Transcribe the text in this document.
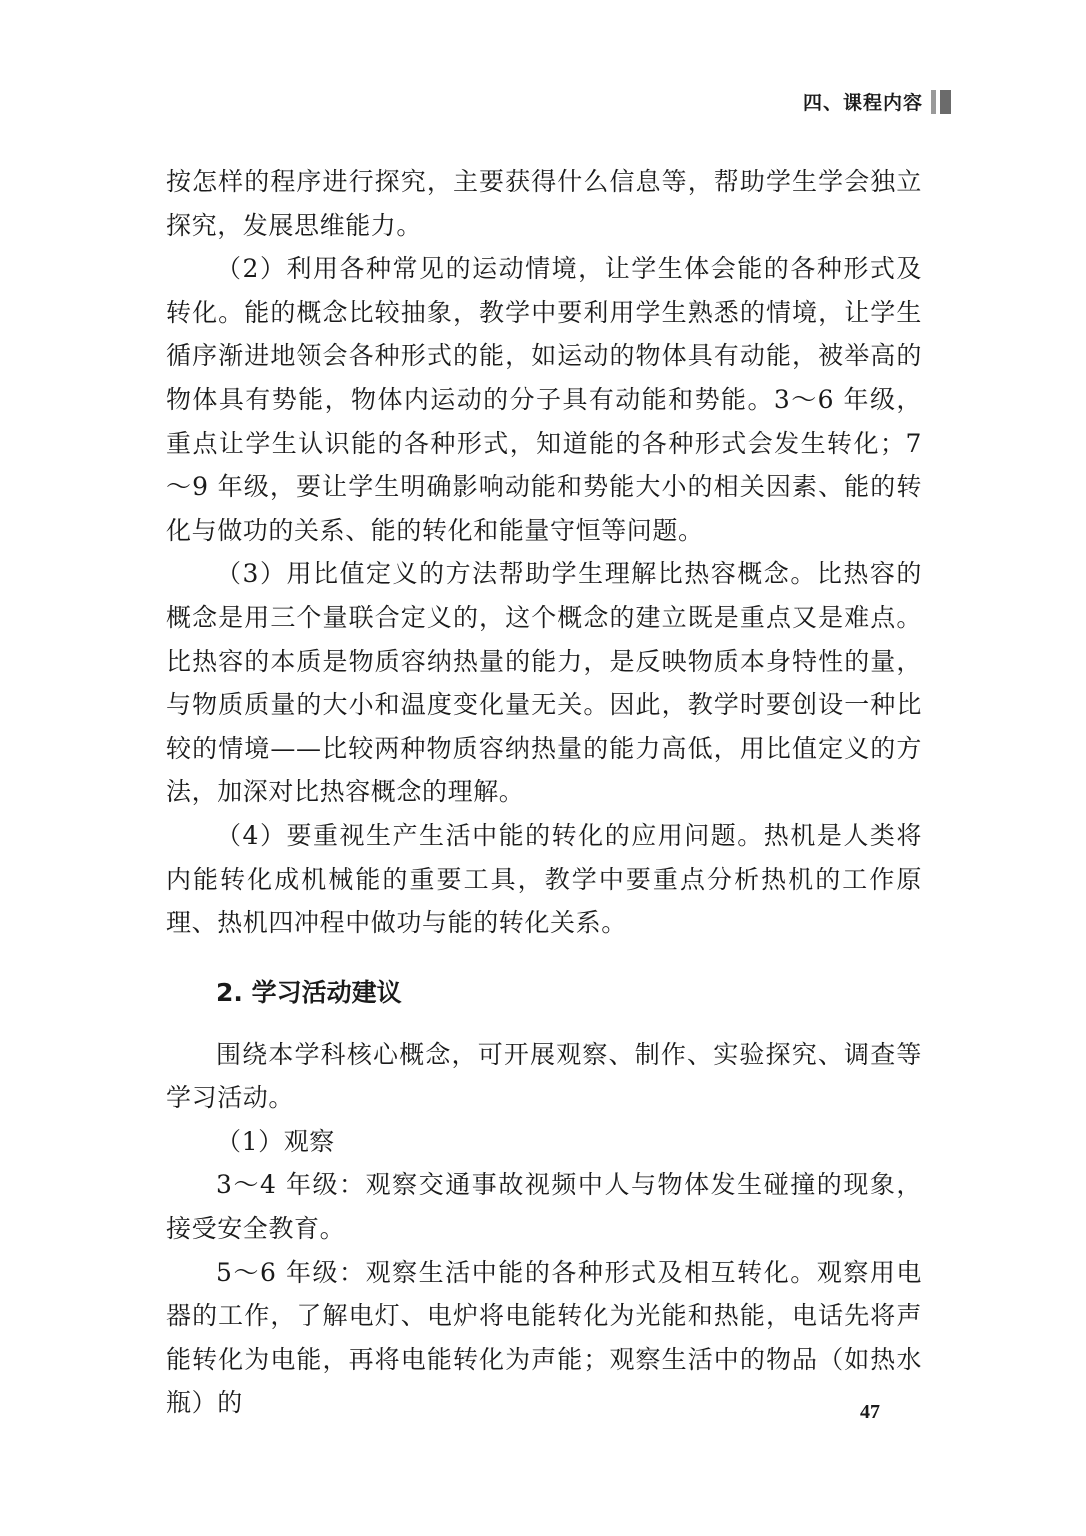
四、课程内容

按怎样的程序进行探究，主要获得什么信息等，帮助学生学会独立探究，发展思维能力。

（2）利用各种常见的运动情境，让学生体会能的各种形式及转化。能的概念比较抽象，教学中要利用学生熟悉的情境，让学生循序渐进地领会各种形式的能，如运动的物体具有动能，被举高的物体具有势能，物体内运动的分子具有动能和势能。3～6 年级，重点让学生认识能的各种形式，知道能的各种形式会发生转化；7～9 年级，要让学生明确影响动能和势能大小的相关因素、能的转化与做功的关系、能的转化和能量守恒等问题。

（3）用比值定义的方法帮助学生理解比热容概念。比热容的概念是用三个量联合定义的，这个概念的建立既是重点又是难点。比热容的本质是物质容纳热量的能力，是反映物质本身特性的量，与物质质量的大小和温度变化量无关。因此，教学时要创设一种比较的情境——比较两种物质容纳热量的能力高低，用比值定义的方法，加深对比热容概念的理解。

（4）要重视生产生活中能的转化的应用问题。热机是人类将内能转化成机械能的重要工具，教学中要重点分析热机的工作原理、热机四冲程中做功与能的转化关系。

2. 学习活动建议

围绕本学科核心概念，可开展观察、制作、实验探究、调查等学习活动。

（1）观察

3～4 年级：观察交通事故视频中人与物体发生碰撞的现象，接受安全教育。

5～6 年级：观察生活中能的各种形式及相互转化。观察用电器的工作，了解电灯、电炉将电能转化为光能和热能，电话先将声能转化为电能，再将电能转化为声能；观察生活中的物品（如热水瓶）的	47
